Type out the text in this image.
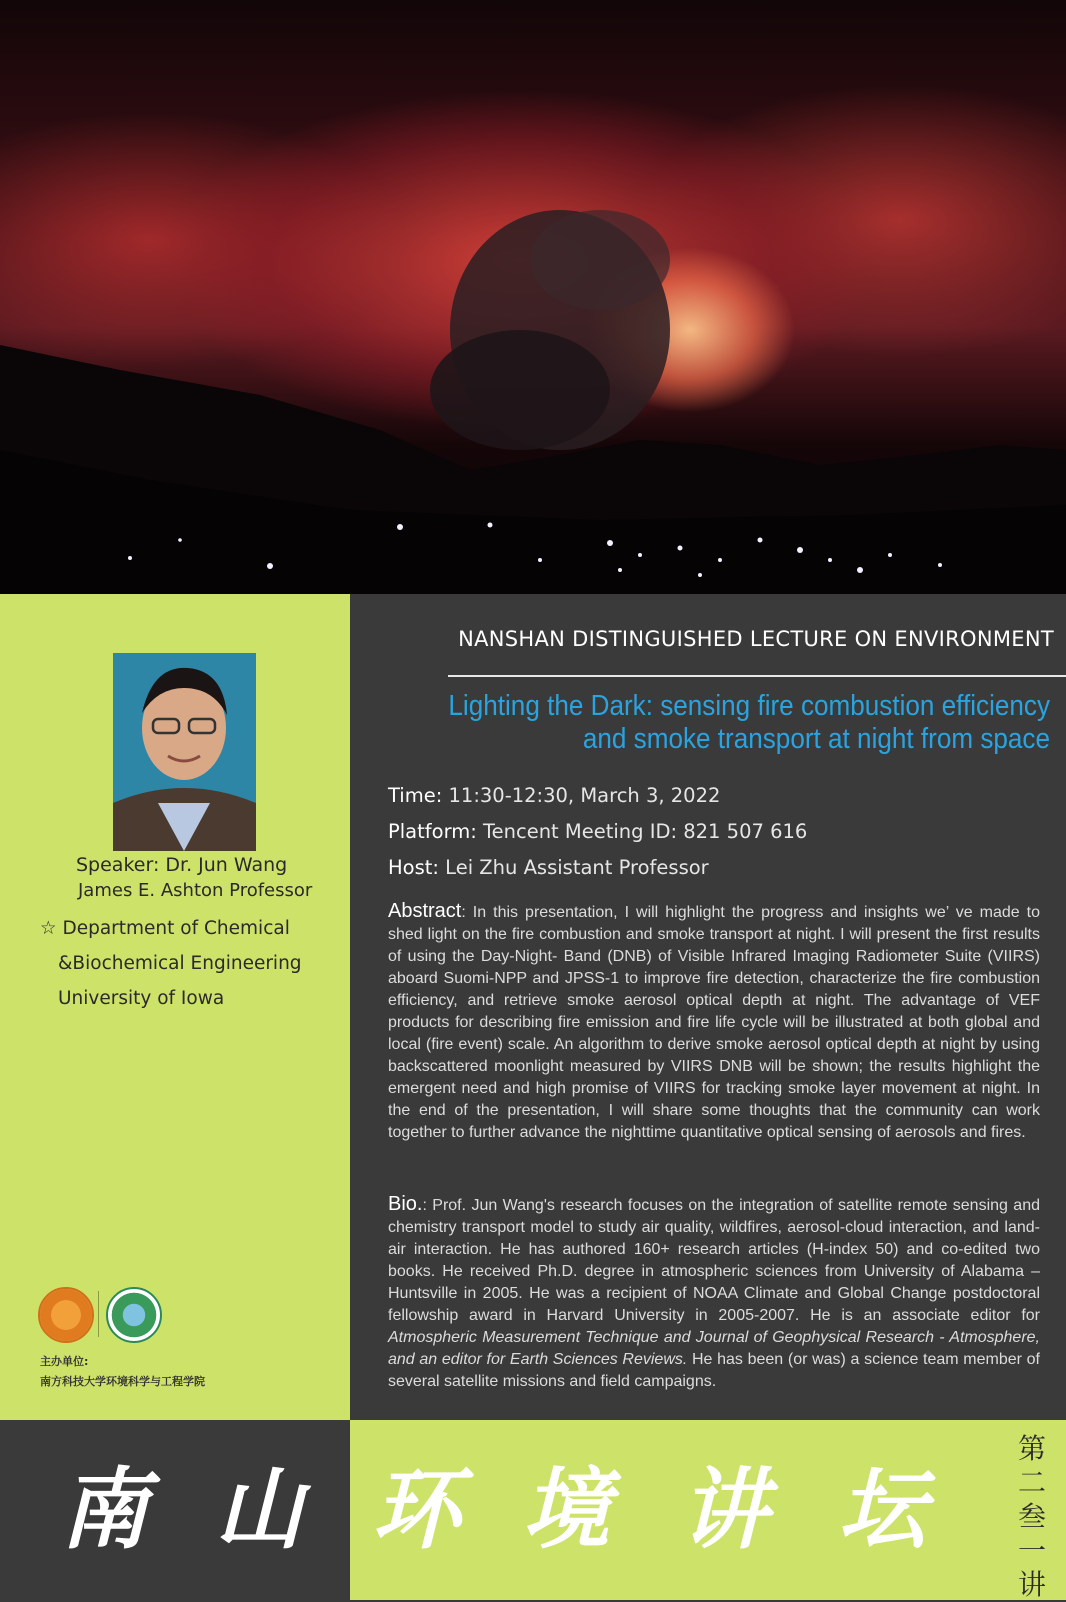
Speaker: Dr. Jun Wang
James E. Ashton Professor
☆ Department of Chemical
&Biochemical Engineering
University of Iowa
主办单位:
南方科技大学环境科学与工程学院
NANSHAN DISTINGUISHED LECTURE ON ENVIRONMENT
Lighting the Dark: sensing fire combustion efficiency
and smoke transport at night from space
Time: 11:30-12:30, March 3, 2022
Platform: Tencent Meeting ID: 821 507 616
Host: Lei Zhu Assistant Professor
Abstract: In this presentation, I will highlight the progress and insights we’ ve made to shed light on the fire combustion and smoke transport at night. I will present the first results of using the Day-Night- Band (DNB) of Visible Infrared Imaging Radiometer Suite (VIIRS) aboard Suomi-NPP and JPSS-1 to improve fire detection, characterize the fire combustion efficiency, and retrieve smoke aerosol optical depth at night. The advantage of VEF products for describing fire emission and fire life cycle will be illustrated at both global and local (fire event) scale. An algorithm to derive smoke aerosol optical depth at night by using backscattered moonlight measured by VIIRS DNB will be shown; the results highlight the emergent need and high promise of VIIRS for tracking smoke layer movement at night. In the end of the presentation, I will share some thoughts that the community can work together to further advance the nighttime quantitative optical sensing of aerosols and fires.
Bio.: Prof. Jun Wang's research focuses on the integration of satellite remote sensing and chemistry transport model to study air quality, wildfires, aerosol-cloud interaction, and land-air interaction. He has authored 160+ research articles (H-index 50) and co-edited two books. He received Ph.D. degree in atmospheric sciences from University of Alabama – Huntsville in 2005. He was a recipient of NOAA Climate and Global Change postdoctoral fellowship award in Harvard University in 2005-2007. He is an associate editor for Atmospheric Measurement Technique and Journal of Geophysical Research - Atmosphere, and an editor for Earth Sciences Reviews. He has been (or was) a science team member of several satellite missions and field campaigns.
南 山 环 境 讲 坛
第
二
叁
一
讲
